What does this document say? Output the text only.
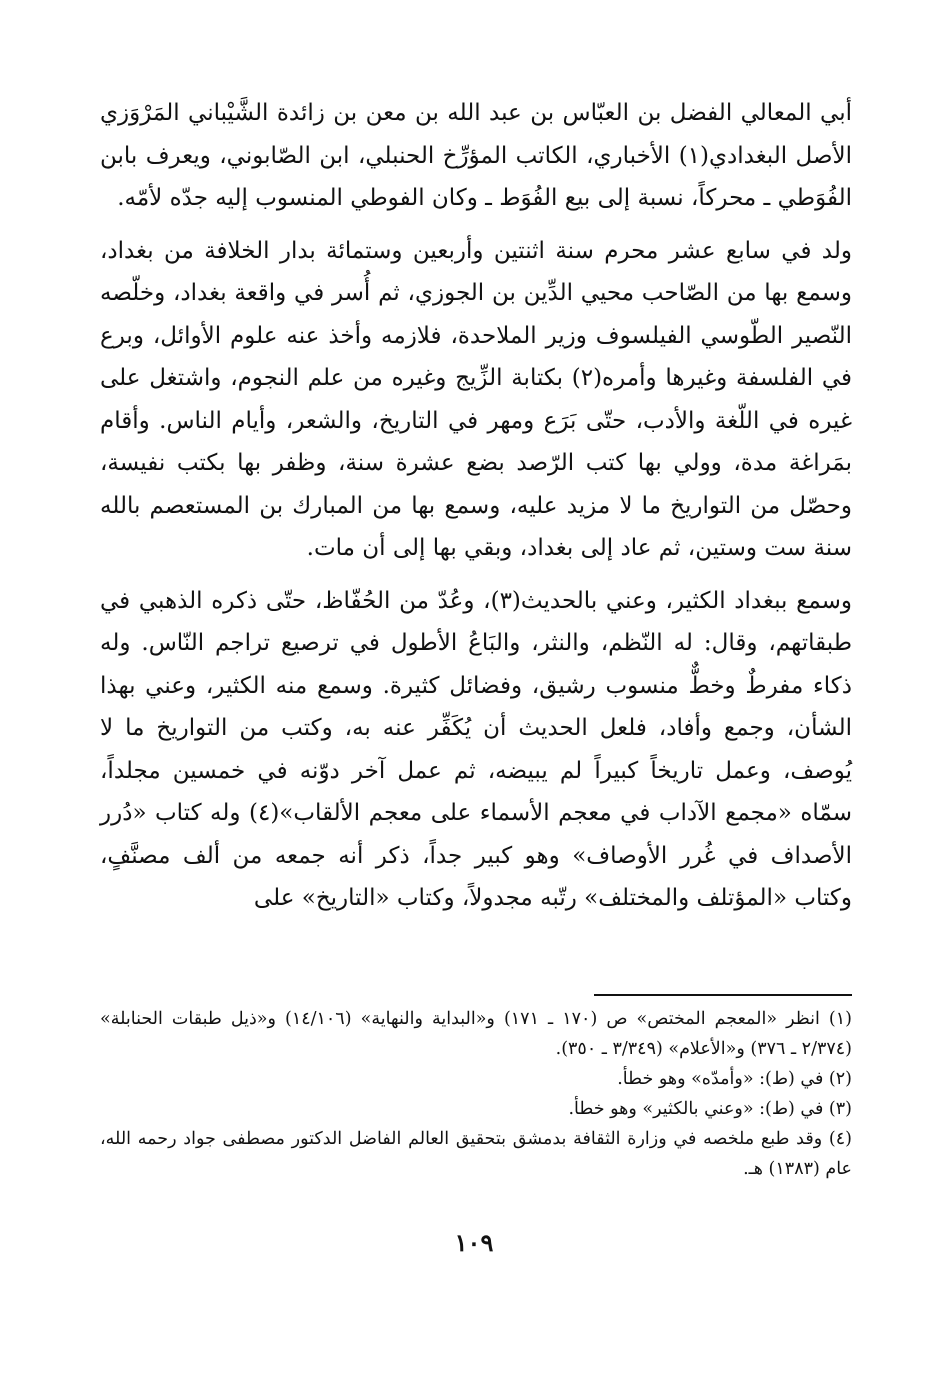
أبي المعالي الفضل بن العبّاس بن عبد الله بن معن بن زائدة الشَّيْباني المَرْوَزي الأصل البغدادي(١) الأخباري، الكاتب المؤرِّخ الحنبلي، ابن الصّابوني، ويعرف بابن الفُوَطي ـ محركاً، نسبة إلى بيع الفُوَط ـ وكان الفوطي المنسوب إليه جدّه لأمّه.

ولد في سابع عشر محرم سنة اثنتين وأربعين وستمائة بدار الخلافة من بغداد، وسمع بها من الصّاحب محيي الدِّين بن الجوزي، ثم أُسر في واقعة بغداد، وخلّصه النّصير الطّوسي الفيلسوف وزير الملاحدة، فلازمه وأخذ عنه علوم الأوائل، وبرع في الفلسفة وغيرها وأمره(٢) بكتابة الزِّيج وغيره من علم النجوم، واشتغل على غيره في اللّغة والأدب، حتّى بَرَع ومهر في التاريخ، والشعر، وأيام الناس. وأقام بمَراغة مدة، وولي بها كتب الرّصد بضع عشرة سنة، وظفر بها بكتب نفيسة، وحصّل من التواريخ ما لا مزيد عليه، وسمع بها من المبارك بن المستعصم بالله سنة ست وستين، ثم عاد إلى بغداد، وبقي بها إلى أن مات.

وسمع ببغداد الكثير، وعني بالحديث(٣)، وعُدّ من الحُفّاظ، حتّى ذكره الذهبي في طبقاتهم، وقال: له النّظم، والنثر، والبَاعُ الأطول في ترصيع تراجم النّاس. وله ذكاء مفرطٌ وخطٌّ منسوب رشيق، وفضائل كثيرة. وسمع منه الكثير، وعني بهذا الشأن، وجمع وأفاد، فلعل الحديث أن يُكَفِّر عنه به، وكتب من التواريخ ما لا يُوصف، وعمل تاريخاً كبيراً لم يبيضه، ثم عمل آخر دوّنه في خمسين مجلداً، سمّاه «مجمع الآداب في معجم الأسماء على معجم الألقاب»(٤) وله كتاب «دُرر الأصداف في غُرر الأوصاف» وهو كبير جداً، ذكر أنه جمعه من ألف مصنَّفٍ، وكتاب «المؤتلف والمختلف» رتّبه مجدولاً، وكتاب «التاريخ» على

(١) انظر «المعجم المختص» ص (١٧٠ ـ ١٧١) و«البداية والنهاية» (١٤/١٠٦) و«ذيل طبقات الحنابلة» (٢/٣٧٤ ـ ٣٧٦) و«الأعلام» (٣/٣٤٩ ـ ٣٥٠).

(٢) في (ط): «وأمدّه» وهو خطأ.

(٣) في (ط): «وعني بالكثير» وهو خطأ.

(٤) وقد طبع ملخصه في وزارة الثقافة بدمشق بتحقيق العالم الفاضل الدكتور مصطفى جواد رحمه الله، عام (١٣٨٣) هـ.

١٠٩
